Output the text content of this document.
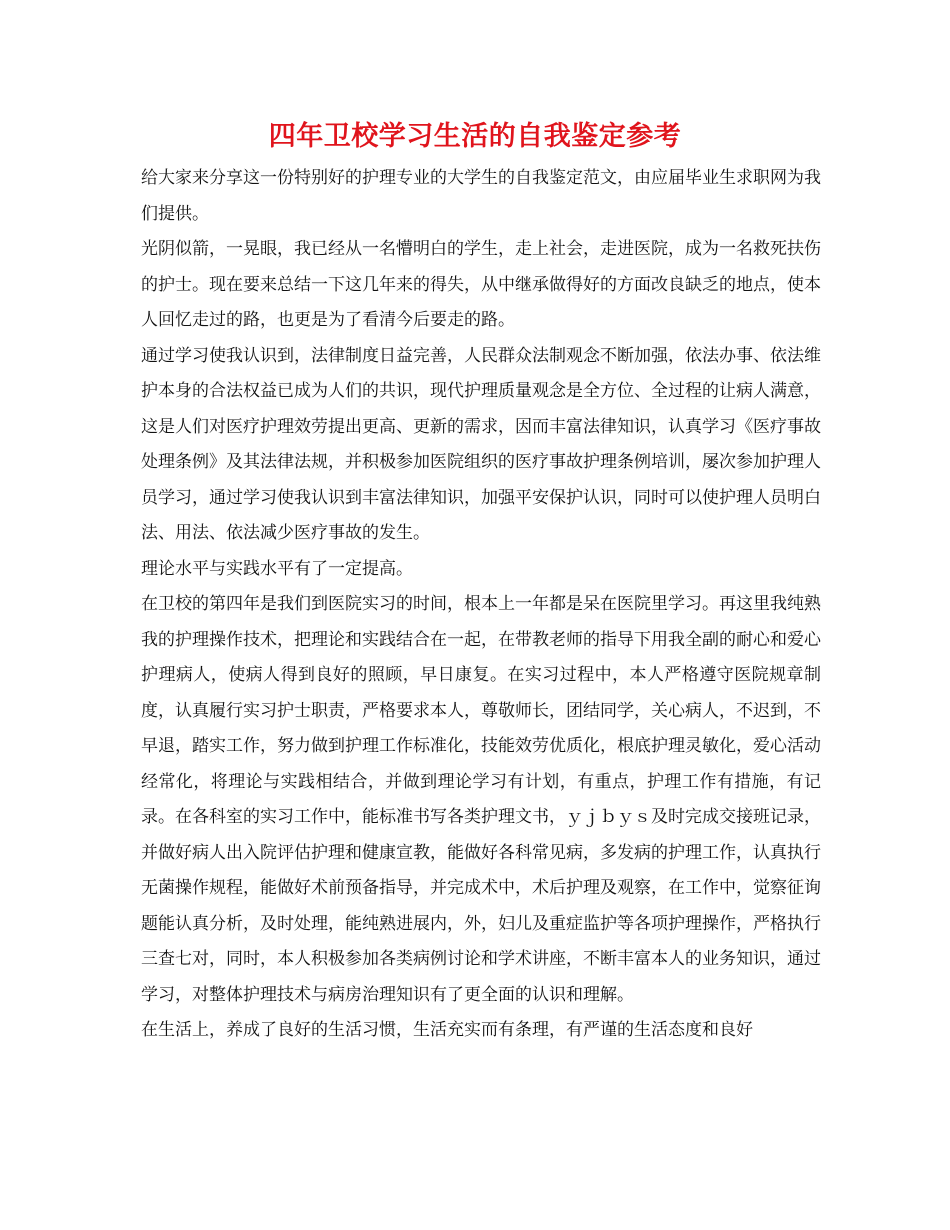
四年卫校学习生活的自我鉴定参考

给大家来分享这一份特别好的护理专业的大学生的自我鉴定范文，由应届毕业生求职网为我们提供。

光阴似箭，一晃眼，我已经从一名懵明白的学生，走上社会，走进医院，成为一名救死扶伤的护士。现在要来总结一下这几年来的得失，从中继承做得好的方面改良缺乏的地点，使本人回忆走过的路，也更是为了看清今后要走的路。

通过学习使我认识到，法律制度日益完善，人民群众法制观念不断加强，依法办事、依法维护本身的合法权益已成为人们的共识，现代护理质量观念是全方位、全过程的让病人满意，这是人们对医疗护理效劳提出更高、更新的需求，因而丰富法律知识，认真学习《医疗事故处理条例》及其法律法规，并积极参加医院组织的医疗事故护理条例培训，屡次参加护理人员学习，通过学习使我认识到丰富法律知识，加强平安保护认识，同时可以使护理人员明白法、用法、依法减少医疗事故的发生。

理论水平与实践水平有了一定提高。

在卫校的第四年是我们到医院实习的时间，根本上一年都是呆在医院里学习。再这里我纯熟我的护理操作技术，把理论和实践结合在一起，在带教老师的指导下用我全副的耐心和爱心护理病人，使病人得到良好的照顾，早日康复。在实习过程中，本人严格遵守医院规章制度，认真履行实习护士职责，严格要求本人，尊敬师长，团结同学，关心病人，不迟到，不早退，踏实工作，努力做到护理工作标准化，技能效劳优质化，根底护理灵敏化，爱心活动经常化，将理论与实践相结合，并做到理论学习有计划，有重点，护理工作有措施，有记录。在各科室的实习工作中，能标准书写各类护理文书，ｙｊｂｙｓ及时完成交接班记录，并做好病人出入院评估护理和健康宣教，能做好各科常见病，多发病的护理工作，认真执行无菌操作规程，能做好术前预备指导，并完成术中，术后护理及观察，在工作中，觉察征询题能认真分析，及时处理，能纯熟进展内，外，妇儿及重症监护等各项护理操作，严格执行三查七对，同时，本人积极参加各类病例讨论和学术讲座，不断丰富本人的业务知识，通过学习，对整体护理技术与病房治理知识有了更全面的认识和理解。

在生活上，养成了良好的生活习惯，生活充实而有条理，有严谨的生活态度和良好
